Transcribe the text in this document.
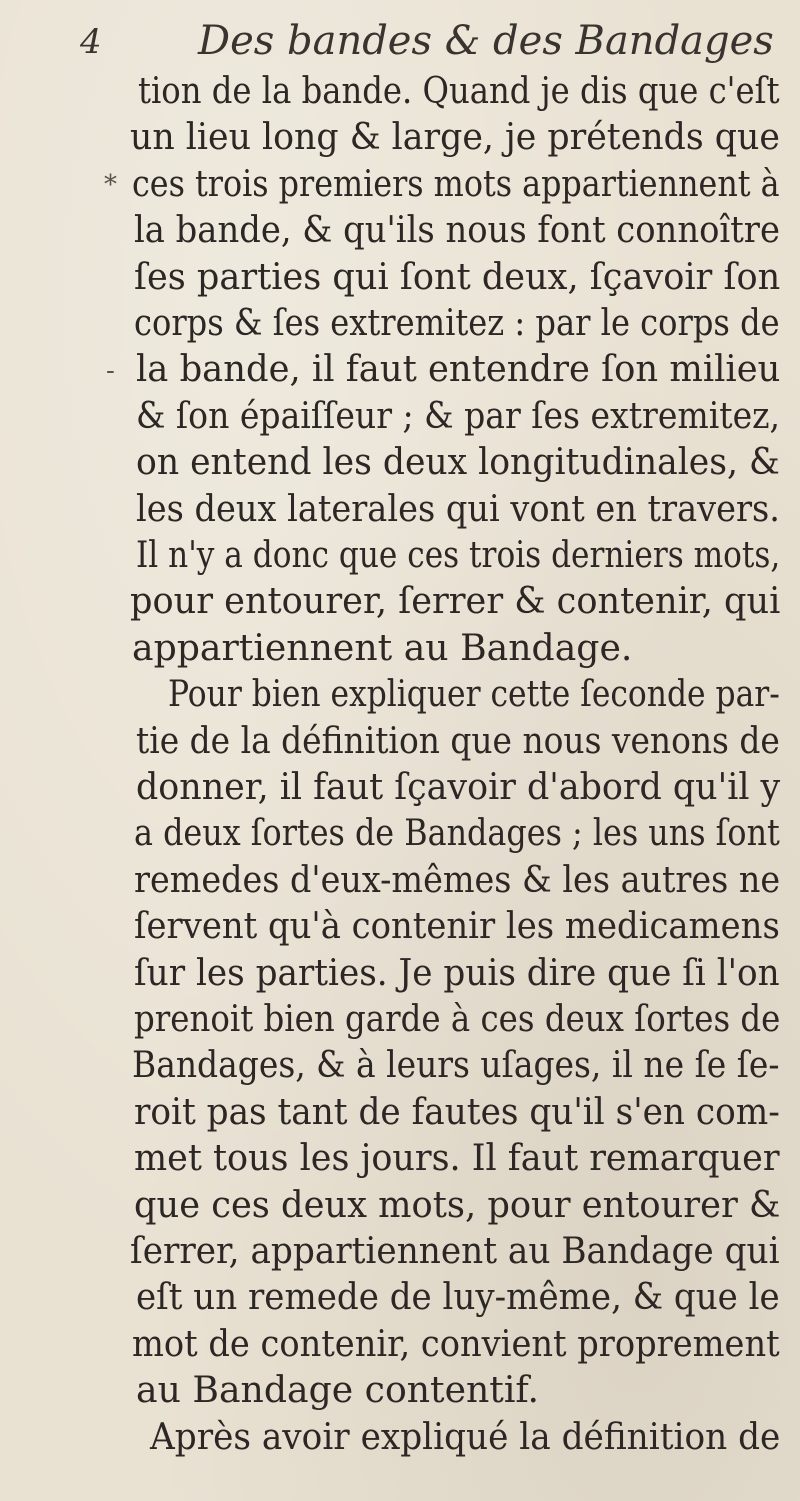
4 Des bandes & des Bandages
*
-
tion de la bande. Quand je dis que c'eſt
un lieu long & large, je prétends que
ces trois premiers mots appartiennent à
la bande, & qu'ils nous font connoître
ſes parties qui ſont deux, ſçavoir ſon
corps & ſes extremitez : par le corps de
la bande, il faut entendre ſon milieu
& ſon épaiſſeur ; & par ſes extremitez,
on entend les deux longitudinales, &
les deux laterales qui vont en travers.
Il n'y a donc que ces trois derniers mots,
pour entourer, ſerrer & contenir, qui
appartiennent au Bandage.
Pour bien expliquer cette ſeconde par-
tie de la définition que nous venons de
donner, il faut ſçavoir d'abord qu'il y
a deux ſortes de Bandages ; les uns ſont
remedes d'eux-mêmes & les autres ne
ſervent qu'à contenir les medicamens
ſur les parties. Je puis dire que ſi l'on
prenoit bien garde à ces deux ſortes de
Bandages, & à leurs uſages, il ne ſe ſe-
roit pas tant de fautes qu'il s'en com-
met tous les jours. Il faut remarquer
que ces deux mots, pour entourer &
ſerrer, appartiennent au Bandage qui
eſt un remede de luy-même, & que le
mot de contenir, convient proprement
au Bandage contentif.
Après avoir expliqué la définition de
